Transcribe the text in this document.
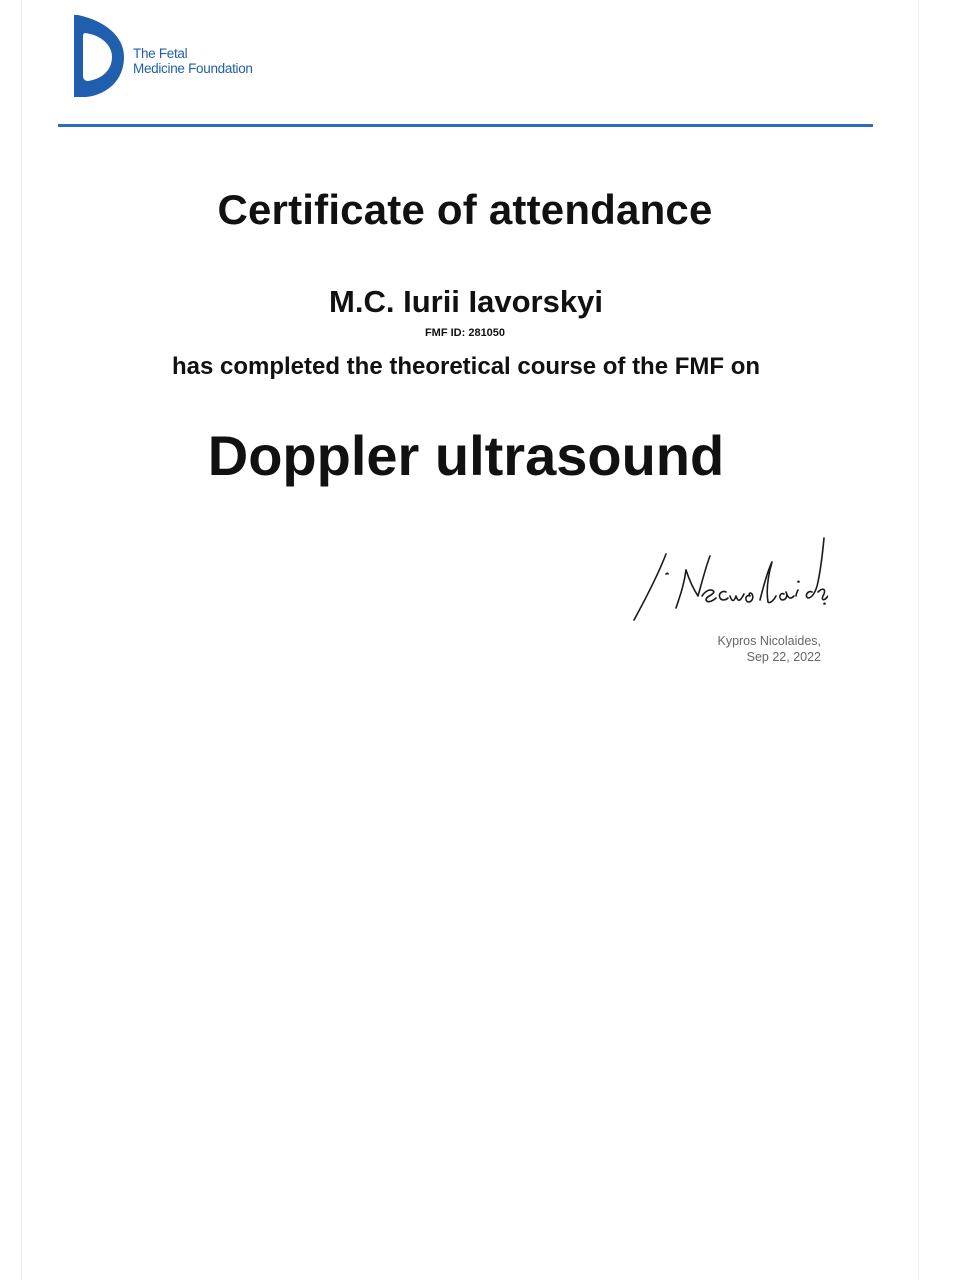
The Fetal
Medicine Foundation
Certificate of attendance
M.C. Iurii Iavorskyi
FMF ID: 281050
has completed the theoretical course of the FMF on
Doppler ultrasound
Kypros Nicolaides,
Sep 22, 2022
